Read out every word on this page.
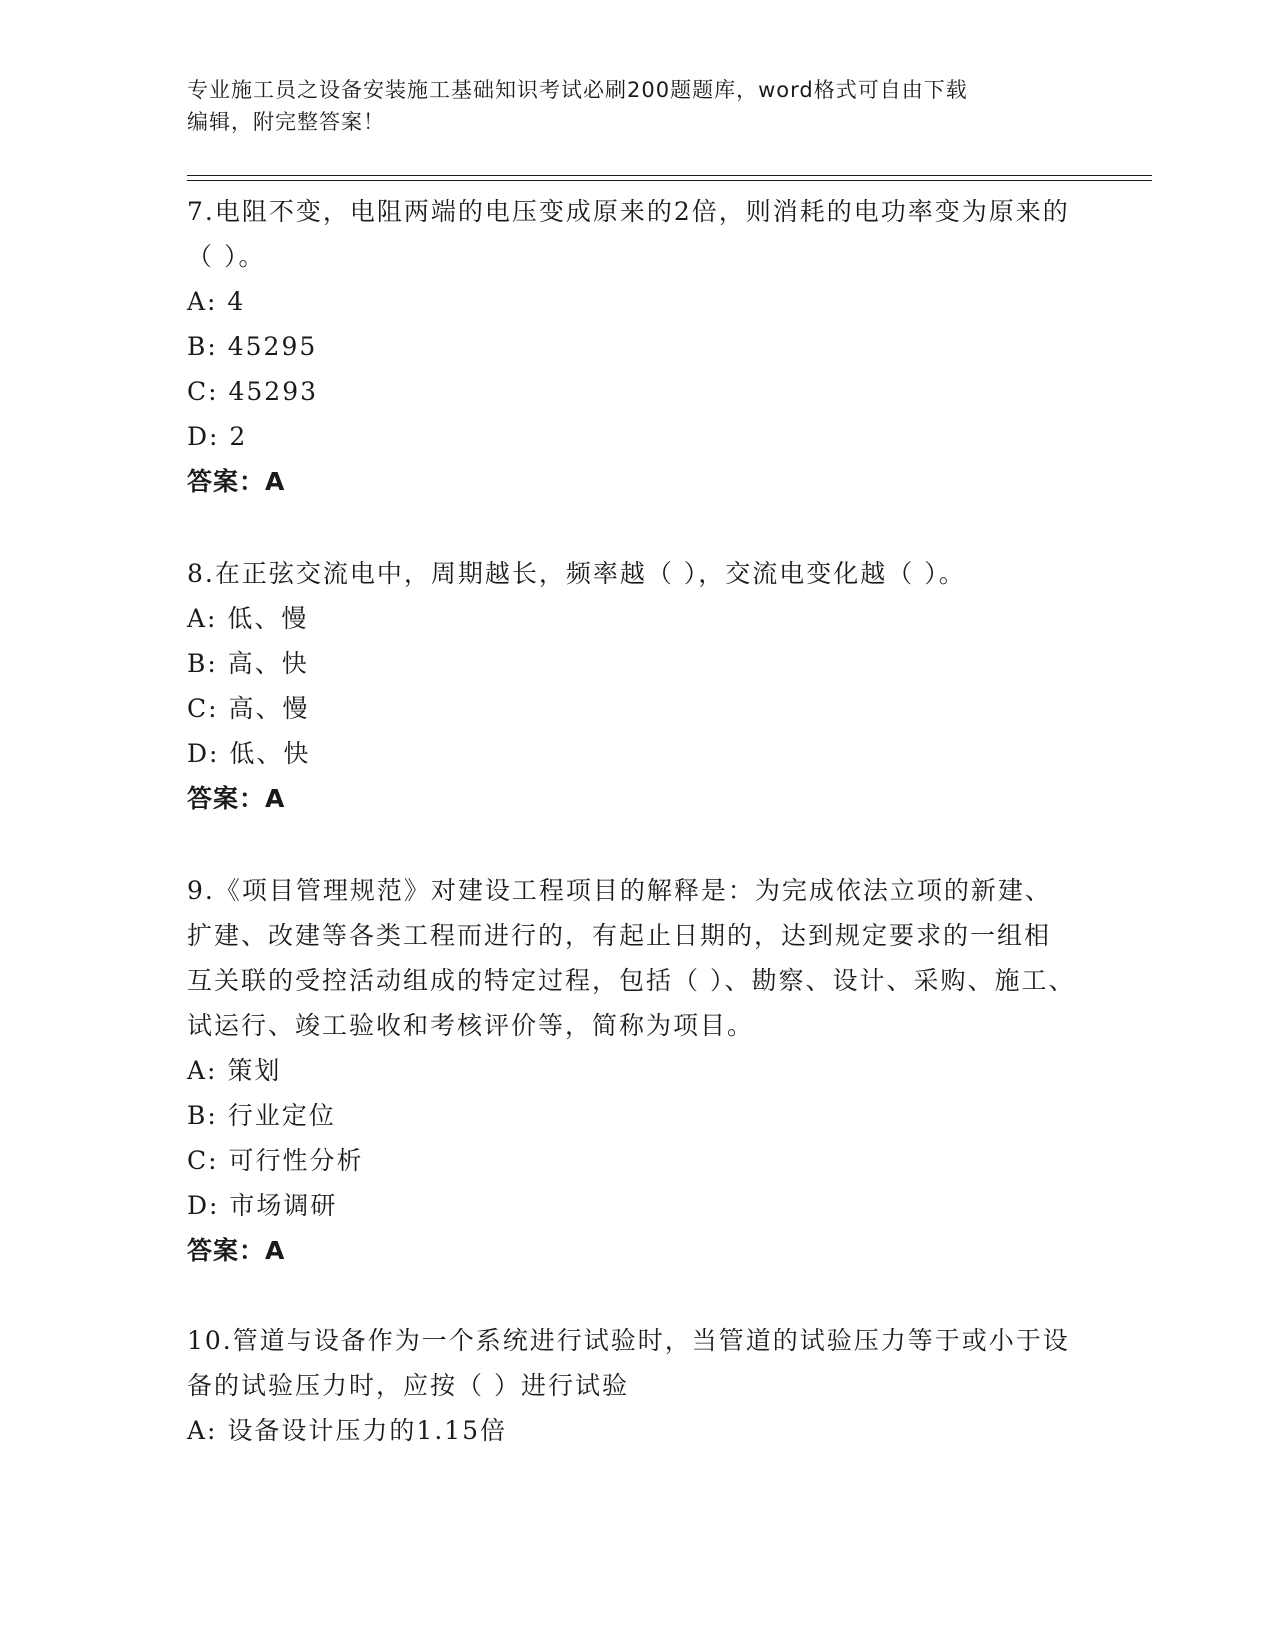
专业施工员之设备安装施工基础知识考试必刷200题题库，word格式可自由下载
编辑，附完整答案！

7.电阻不变，电阻两端的电压变成原来的2倍，则消耗的电功率变为原来的（ ）。

A: 4

B: 45295

C: 45293

D: 2

答案：A

8.在正弦交流电中，周期越长，频率越（ ），交流电变化越（ ）。

A: 低、慢

B: 高、快

C: 高、慢

D: 低、快

答案：A

9.《项目管理规范》对建设工程项目的解释是：为完成依法立项的新建、扩建、改建等各类工程而进行的，有起止日期的，达到规定要求的一组相互关联的受控活动组成的特定过程，包括（ ）、勘察、设计、采购、施工、试运行、竣工验收和考核评价等，简称为项目。

A: 策划

B: 行业定位

C: 可行性分析

D: 市场调研

答案：A

10.管道与设备作为一个系统进行试验时，当管道的试验压力等于或小于设备的试验压力时，应按（ ）进行试验

A: 设备设计压力的1.15倍
